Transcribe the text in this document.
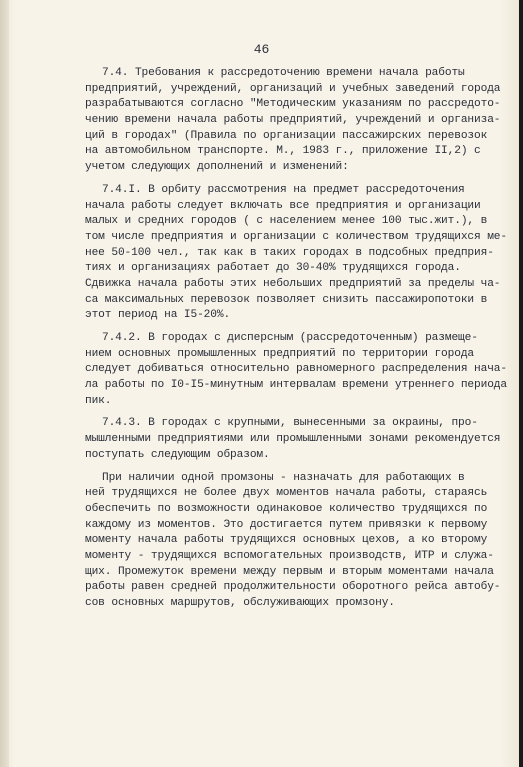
46
7.4. Требования к рассредоточению времени начала работы
предприятий, учреждений, организаций и учебных заведений города
разрабатываются согласно "Методическим указаниям по рассредото-
чению времени начала работы предприятий, учреждений и организа-
ций в городах" (Правила по организации пассажирских перевозок
на автомобильном транспорте. М., 1983 г., приложение II,2) с
учетом следующих дополнений и изменений:
7.4.I. В орбиту рассмотрения на предмет рассредоточения
начала работы следует включать все предприятия и организации
малых и средних городов ( с населением менее 100 тыс.жит.), в
том числе предприятия и организации с количеством трудящихся ме-
нее 50-100 чел., так как в таких городах в подсобных предприя-
тиях и организациях работает до 30-40% трудящихся города.
Сдвижка начала работы этих небольших предприятий за пределы ча-
са максимальных перевозок позволяет снизить пассажиропотоки в
этот период на I5-20%.
7.4.2. В городах с дисперсным (рассредоточенным) размеще-
нием основных промышленных предприятий по территории города
следует добиваться относительно равномерного распределения нача-
ла работы по I0-I5-минутным интервалам времени утреннего периода
пик.
7.4.3. В городах с крупными, вынесенными за окраины, про-
мышленными предприятиями или промышленными зонами рекомендуется
поступать следующим образом.
При наличии одной промзоны - назначать для работающих в
ней трудящихся не более двух моментов начала работы, стараясь
обеспечить по возможности одинаковое количество трудящихся по
каждому из моментов. Это достигается путем привязки к первому
моменту начала работы трудящихся основных цехов, а ко второму
моменту - трудящихся вспомогательных производств, ИТР и служа-
щих. Промежуток времени между первым и вторым моментами начала
работы равен средней продолжительности оборотного рейса автобу-
сов основных маршрутов, обслуживающих промзону.
